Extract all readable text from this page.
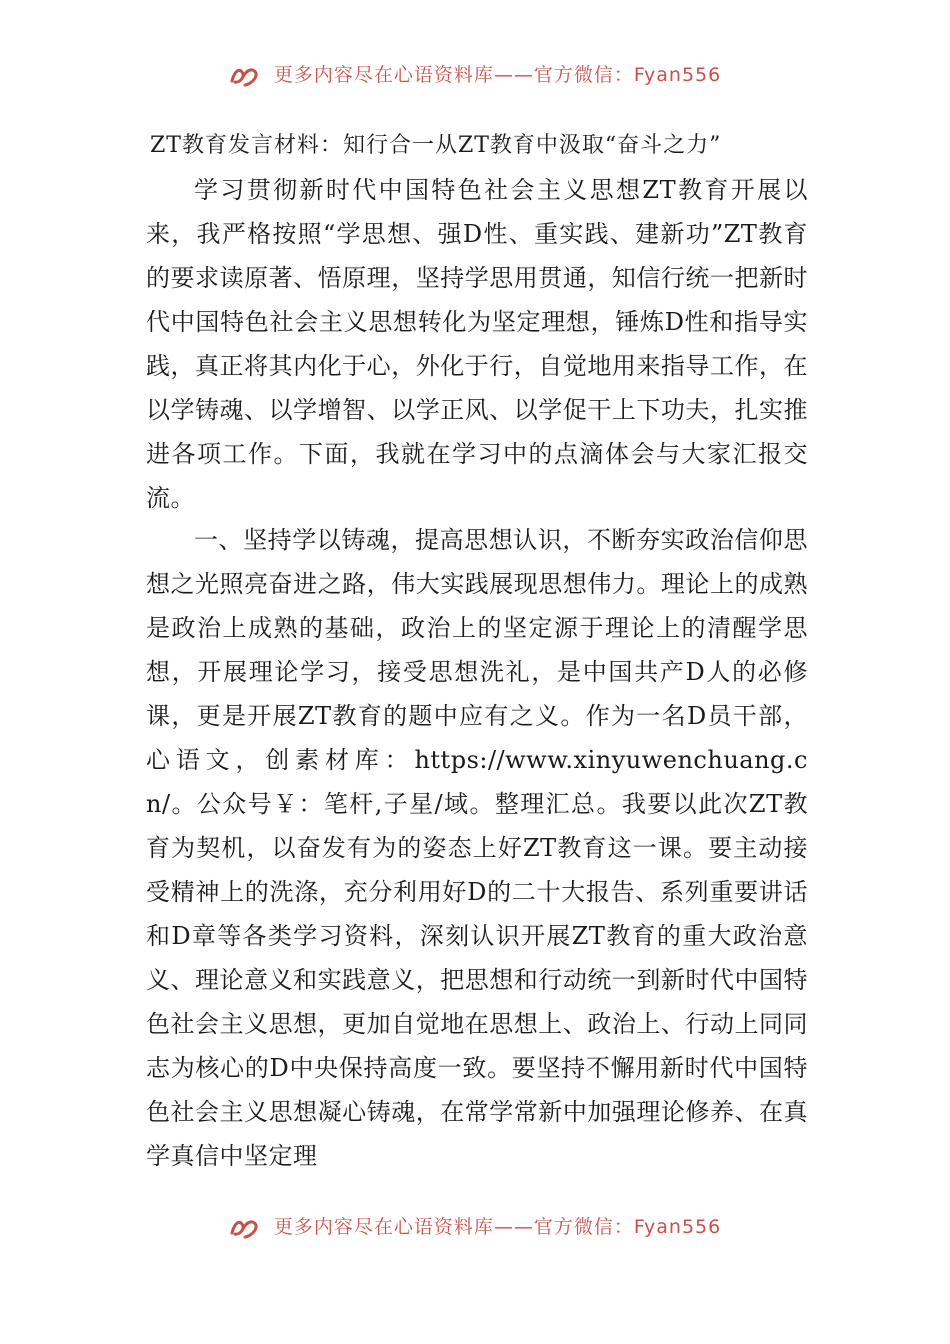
更多内容尽在心语资料库——官方微信：Fyan556
ZT教育发言材料：知行合一从ZT教育中汲取“奋斗之力”

学习贯彻新时代中国特色社会主义思想ZT教育开展以来，我严格按照“学思想、强D性、重实践、建新功”ZT教育的要求读原著、悟原理，坚持学思用贯通，知信行统一把新时代中国特色社会主义思想转化为坚定理想，锤炼D性和指导实践，真正将其内化于心，外化于行，自觉地用来指导工作，在以学铸魂、以学增智、以学正风、以学促干上下功夫，扎实推进各项工作。下面，我就在学习中的点滴体会与大家汇报交流。

一、坚持学以铸魂，提高思想认识，不断夯实政治信仰思想之光照亮奋进之路，伟大实践展现思想伟力。理论上的成熟是政治上成熟的基础，政治上的坚定源于理论上的清醒学思想，开展理论学习，接受思想洗礼，是中国共产D人的必修课，更是开展ZT教育的题中应有之义。作为一名D员干部，心语文，创素材库：https://www.xinyuwenchuang.cn/。公众号￥：笔杆,子星/域。整理汇总。我要以此次ZT教育为契机，以奋发有为的姿态上好ZT教育这一课。要主动接受精神上的洗涤，充分利用好D的二十大报告、系列重要讲话和D章等各类学习资料，深刻认识开展ZT教育的重大政治意义、理论意义和实践意义，把思想和行动统一到新时代中国特色社会主义思想，更加自觉地在思想上、政治上、行动上同同志为核心的D中央保持高度一致。要坚持不懈用新时代中国特色社会主义思想凝心铸魂，在常学常新中加强理论修养、在真学真信中坚定理

更多内容尽在心语资料库——官方微信：Fyan556
